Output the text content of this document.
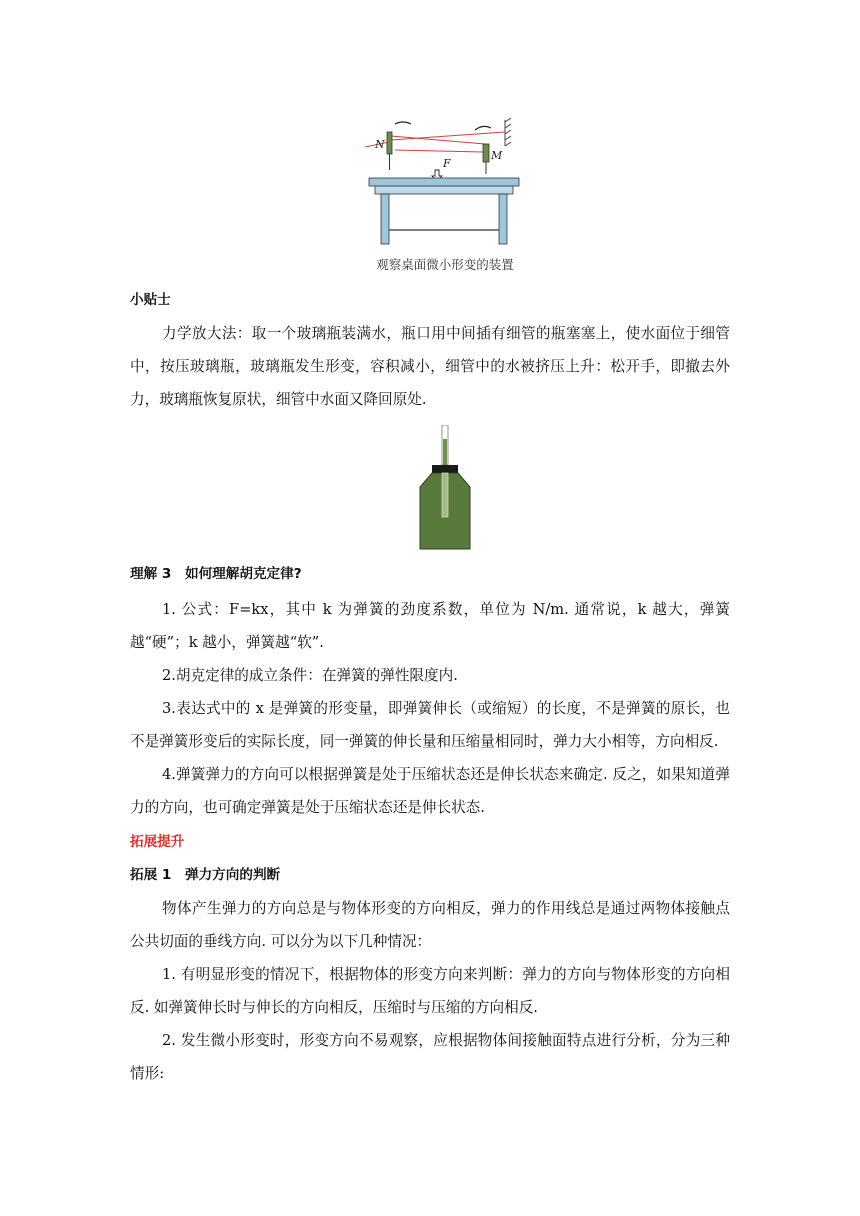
N
M
F
观察桌面微小形变的装置

小贴士

力学放大法：取一个玻璃瓶装满水，瓶口用中间插有细管的瓶塞塞上，使水面位于细管中，按压玻璃瓶，玻璃瓶发生形变，容积减小，细管中的水被挤压上升：松开手，即撤去外力，玻璃瓶恢复原状，细管中水面又降回原处.

理解 3　如何理解胡克定律?

1. 公式：F=kx，其中 k 为弹簧的劲度系数，单位为 N/m. 通常说，k 越大，弹簧越“硬”；k 越小，弹簧越“软”.

2.胡克定律的成立条件：在弹簧的弹性限度内.

3.表达式中的 x 是弹簧的形变量，即弹簧伸长（或缩短）的长度，不是弹簧的原长，也不是弹簧形变后的实际长度，同一弹簧的伸长量和压缩量相同时，弹力大小相等，方向相反.

4.弹簧弹力的方向可以根据弹簧是处于压缩状态还是伸长状态来确定. 反之，如果知道弹力的方向，也可确定弹簧是处于压缩状态还是伸长状态.

拓展提升

拓展 1　弹力方向的判断

物体产生弹力的方向总是与物体形变的方向相反，弹力的作用线总是通过两物体接触点公共切面的垂线方向. 可以分为以下几种情况：

1. 有明显形变的情况下，根据物体的形变方向来判断：弹力的方向与物体形变的方向相反. 如弹簧伸长时与伸长的方向相反，压缩时与压缩的方向相反.

2. 发生微小形变时，形变方向不易观察，应根据物体间接触面特点进行分析，分为三种情形:
